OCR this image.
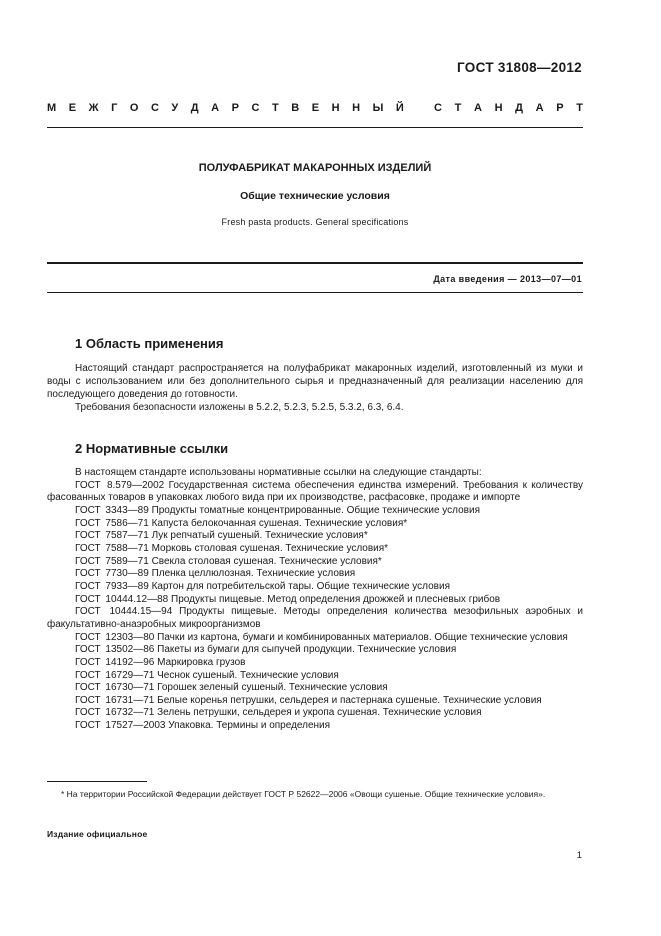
ГОСТ 31808—2012
М Е Ж Г О С У Д А Р С Т В Е Н Н Ы Й	С Т А Н Д А Р Т
ПОЛУФАБРИКАТ МАКАРОННЫХ ИЗДЕЛИЙ
Общие технические условия
Fresh pasta products. General specifications
Дата введения — 2013—07—01
1 Область применения

Настоящий стандарт распространяется на полуфабрикат макаронных изделий, изготовленный из муки и воды с использованием или без дополнительного сырья и предназначенный для реализации населению для последующего доведения до готовности.

Требования безопасности изложены в 5.2.2, 5.2.3, 5.2.5, 5.3.2, 6.3, 6.4.

2 Нормативные ссылки

В настоящем стандарте использованы нормативные ссылки на следующие стандарты:

ГОСТ 8.579—2002 Государственная система обеспечения единства измерений. Требования к количеству фасованных товаров в упаковках любого вида при их производстве, расфасовке, продаже и импорте

ГОСТ 3343—89 Продукты томатные концентрированные. Общие технические условия

ГОСТ 7586—71 Капуста белокочанная сушеная. Технические условия*

ГОСТ 7587—71 Лук репчатый сушеный. Технические условия*

ГОСТ 7588—71 Морковь столовая сушеная. Технические условия*

ГОСТ 7589—71 Свекла столовая сушеная. Технические условия*

ГОСТ 7730—89 Пленка целлюлозная. Технические условия

ГОСТ 7933—89 Картон для потребительской тары. Общие технические условия

ГОСТ 10444.12—88 Продукты пищевые. Метод определения дрожжей и плесневых грибов

ГОСТ 10444.15—94 Продукты пищевые. Методы определения количества мезофильных аэробных и факультативно-анаэробных микроорганизмов

ГОСТ 12303—80 Пачки из картона, бумаги и комбинированных материалов. Общие технические условия

ГОСТ 13502—86 Пакеты из бумаги для сыпучей продукции. Технические условия

ГОСТ 14192—96 Маркировка грузов

ГОСТ 16729—71 Чеснок сушеный. Технические условия

ГОСТ 16730—71 Горошек зеленый сушеный. Технические условия

ГОСТ 16731—71 Белые коренья петрушки, сельдерея и пастернака сушеные. Технические условия

ГОСТ 16732—71 Зелень петрушки, сельдерея и укропа сушеная. Технические условия

ГОСТ 17527—2003 Упаковка. Термины и определения

* На территории Российской Федерации действует ГОСТ Р 52622—2006 «Овощи сушеные. Общие технические условия».
Издание официальное
1
